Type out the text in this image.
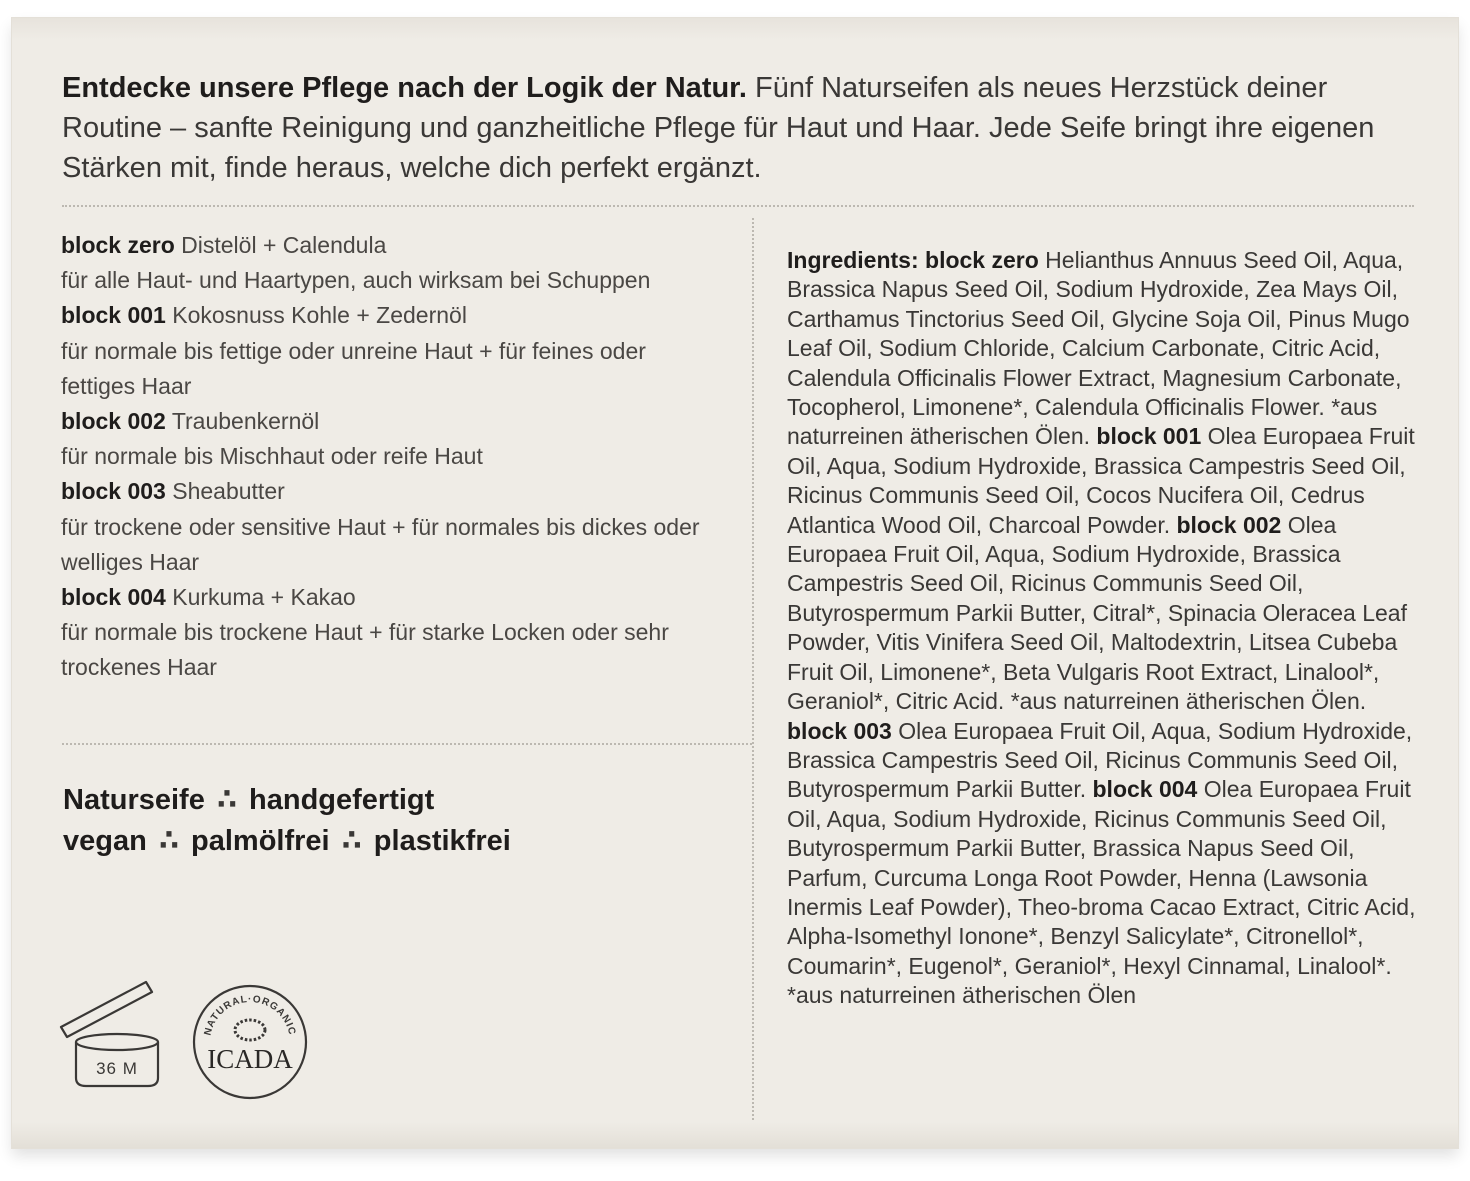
Entdecke unsere Pflege nach der Logik der Natur. Fünf Naturseifen als neues Herzstück deiner Routine – sanfte Reinigung und ganzheitliche Pflege für Haut und Haar. Jede Seife bringt ihre eigenen Stärken mit, finde heraus, welche dich perfekt ergänzt.

block zero Distelöl + Calendula
für alle Haut- und Haartypen, auch wirksam bei Schuppen
block 001 Kokosnuss Kohle + Zedernöl
für normale bis fettige oder unreine Haut + für feines oder fettiges Haar
block 002 Traubenkernöl
für normale bis Mischhaut oder reife Haut
block 003 Sheabutter
für trockene oder sensitive Haut + für normales bis dickes oder welliges Haar
block 004 Kurkuma + Kakao
für normale bis trockene Haut + für starke Locken oder sehr trockenes Haar
Naturseife ∴ handgefertigt
vegan ∴ palmölfrei ∴ plastikfrei

Ingredients: block zero Helianthus Annuus Seed Oil, Aqua, Brassica Napus Seed Oil, Sodium Hydroxide, Zea Mays Oil, Carthamus Tinctorius Seed Oil, Glycine Soja Oil, Pinus Mugo Leaf Oil, Sodium Chloride, Calcium Carbonate, Citric Acid, Calendula Officinalis Flower Extract, Magnesium Carbonate, Tocopherol, Limonene*, Calendula Officinalis Flower. *aus naturreinen ätherischen Ölen. block 001 Olea Europaea Fruit Oil, Aqua, Sodium Hydroxide, Brassica Campestris Seed Oil, Ricinus Communis Seed Oil, Cocos Nucifera Oil, Cedrus Atlantica Wood Oil, Charcoal Powder. block 002 Olea Europaea Fruit Oil, Aqua, Sodium Hydroxide, Brassica Campestris Seed Oil, Ricinus Communis Seed Oil, Butyrospermum Parkii Butter, Citral*, Spinacia Oleracea Leaf Powder, Vitis Vinifera Seed Oil, Maltodextrin, Litsea Cubeba Fruit Oil, Limonene*, Beta Vulgaris Root Extract, Linalool*, Geraniol*, Citric Acid. *aus naturreinen ätherischen Ölen. block 003 Olea Europaea Fruit Oil, Aqua, Sodium Hydroxide, Brassica Campestris Seed Oil, Ricinus Communis Seed Oil, Butyrospermum Parkii Butter. block 004 Olea Europaea Fruit Oil, Aqua, Sodium Hydroxide, Ricinus Communis Seed Oil, Butyrospermum Parkii Butter, Brassica Napus Seed Oil, Parfum, Curcuma Longa Root Powder, Henna (Lawsonia Inermis Leaf Powder), Theo-broma Cacao Extract, Citric Acid, Alpha-Isomethyl Ionone*, Benzyl Salicylate*, Citronellol*, Coumarin*, Eugenol*, Geraniol*, Hexyl Cinnamal, Linalool*. *aus naturreinen ätherischen Ölen

36 M
NATURAL·ORGANIC
ICADA
